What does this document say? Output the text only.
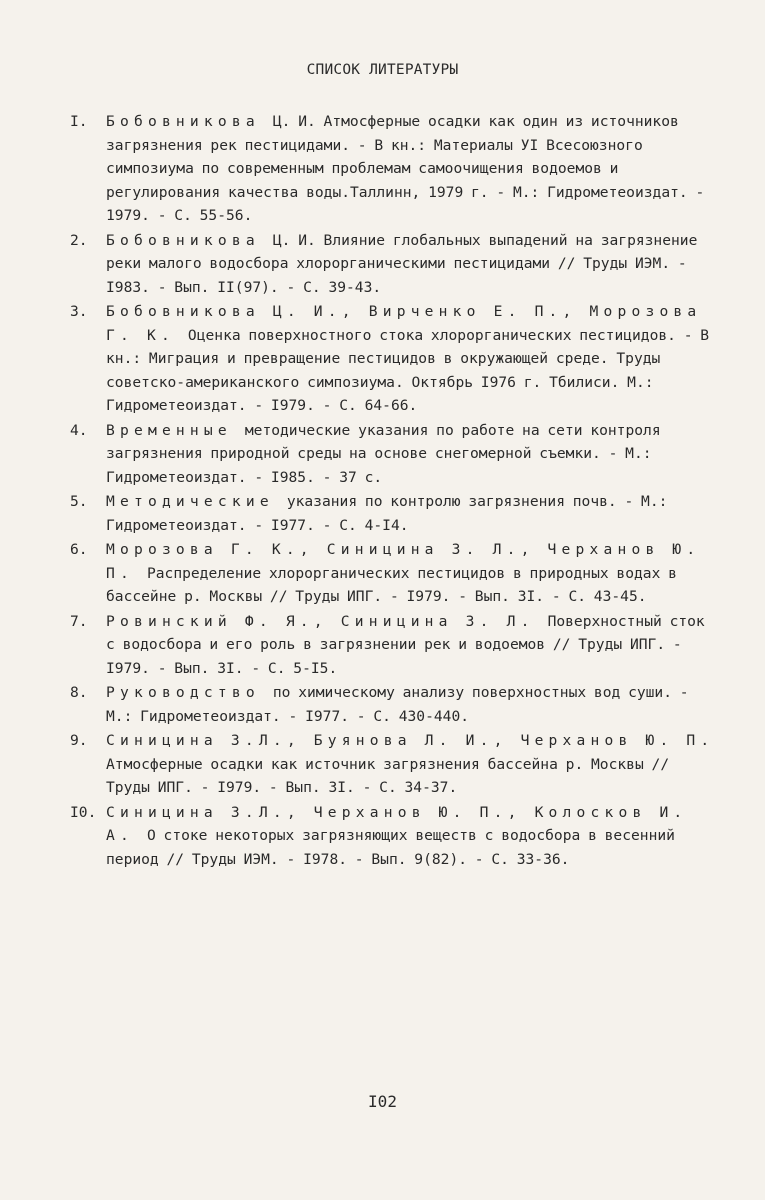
СПИСОК ЛИТЕРАТУРЫ
I.	Бобовникова Ц. И. Атмосферные осадки как один из источников загрязнения рек пестицидами. - В кн.: Материалы УI Всесоюзного симпозиума по современным проблемам самоочищения водоемов и регулирования качества воды.Таллинн, 1979 г. - М.: Гидрометеоиздат. - 1979. - С. 55-56.
2.	Бобовникова Ц. И. Влияние глобальных выпадений на загрязнение реки малого водосбора хлорорганическими пестицидами // Труды ИЭМ. - I983. - Вып. II(97). - С. 39-43.
3.	Бобовникова Ц. И., Вирченко Е. П., Морозова Г. К. Оценка поверхностного стока хлорорганических пестицидов. - В кн.: Миграция и превращение пестицидов в окружающей среде. Труды советско-американского симпозиума. Октябрь I976 г. Тбилиси. М.: Гидрометеоиздат. - I979. - С. 64-66.
4.	Временные методические указания по работе на сети контроля загрязнения природной среды на основе снегомерной съемки. - М.: Гидрометеоиздат. - I985. - 37 с.
5.	Методические указания по контролю загрязнения почв. - М.: Гидрометеоиздат. - I977. - С. 4-I4.
6.	Морозова Г. К., Синицина З. Л., Черханов Ю. П. Распределение хлорорганических пестицидов в природных водах в бассейне р. Москвы // Труды ИПГ. - I979. - Вып. 3I. - С. 43-45.
7.	Ровинский Ф. Я., Синицина З. Л. Поверхностный сток с водосбора и его роль в загрязнении рек и водоемов // Труды ИПГ. - I979. - Вып. 3I. - С. 5-I5.
8.	Руководство по химическому анализу поверхностных вод суши. - М.: Гидрометеоиздат. - I977. - С. 430-440.
9.	Синицина З.Л., Буянова Л. И., Черханов Ю. П. Атмосферные осадки как источник загрязнения бассейна р. Москвы // Труды ИПГ. - I979. - Вып. 3I. - С. 34-37.
I0. Синицина З.Л., Черханов Ю. П., Колосков И. А. О стоке некоторых загрязняющих веществ с водосбора в весенний период // Труды ИЭМ. - I978. - Вып. 9(82). - С. 33-36.
I02
